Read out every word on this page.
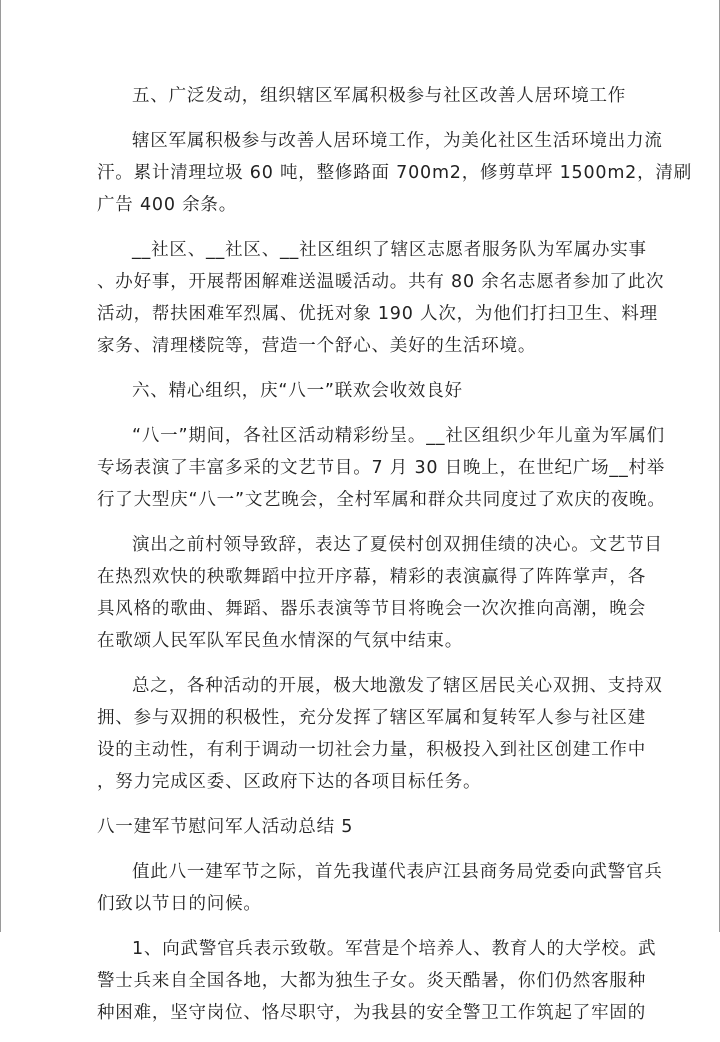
五、广泛发动，组织辖区军属积极参与社区改善人居环境工作

辖区军属积极参与改善人居环境工作，为美化社区生活环境出力流
汗。累计清理垃圾 60 吨，整修路面 700m2，修剪草坪 1500m2，清刷
广告 400 余条。

__社区、__社区、__社区组织了辖区志愿者服务队为军属办实事
、办好事，开展帮困解难送温暖活动。共有 80 余名志愿者参加了此次
活动，帮扶困难军烈属、优抚对象 190 人次，为他们打扫卫生、料理
家务、清理楼院等，营造一个舒心、美好的生活环境。

六、精心组织，庆“八一”联欢会收效良好

“八一”期间，各社区活动精彩纷呈。__社区组织少年儿童为军属们
专场表演了丰富多采的文艺节目。7 月 30 日晚上，在世纪广场__村举
行了大型庆“八一”文艺晚会，全村军属和群众共同度过了欢庆的夜晚。

演出之前村领导致辞，表达了夏侯村创双拥佳绩的决心。文艺节目
在热烈欢快的秧歌舞蹈中拉开序幕，精彩的表演赢得了阵阵掌声，各
具风格的歌曲、舞蹈、器乐表演等节目将晚会一次次推向高潮，晚会
在歌颂人民军队军民鱼水情深的气氛中结束。

总之，各种活动的开展，极大地激发了辖区居民关心双拥、支持双
拥、参与双拥的积极性，充分发挥了辖区军属和复转军人参与社区建
设的主动性，有利于调动一切社会力量，积极投入到社区创建工作中
，努力完成区委、区政府下达的各项目标任务。

八一建军节慰问军人活动总结 5

值此八一建军节之际，首先我谨代表庐江县商务局党委向武警官兵
们致以节日的问候。

1、向武警官兵表示致敬。军营是个培养人、教育人的大学校。武
警士兵来自全国各地，大都为独生子女。炎天酷暑，你们仍然客服种
种困难，坚守岗位、恪尽职守，为我县的安全警卫工作筑起了牢固的
